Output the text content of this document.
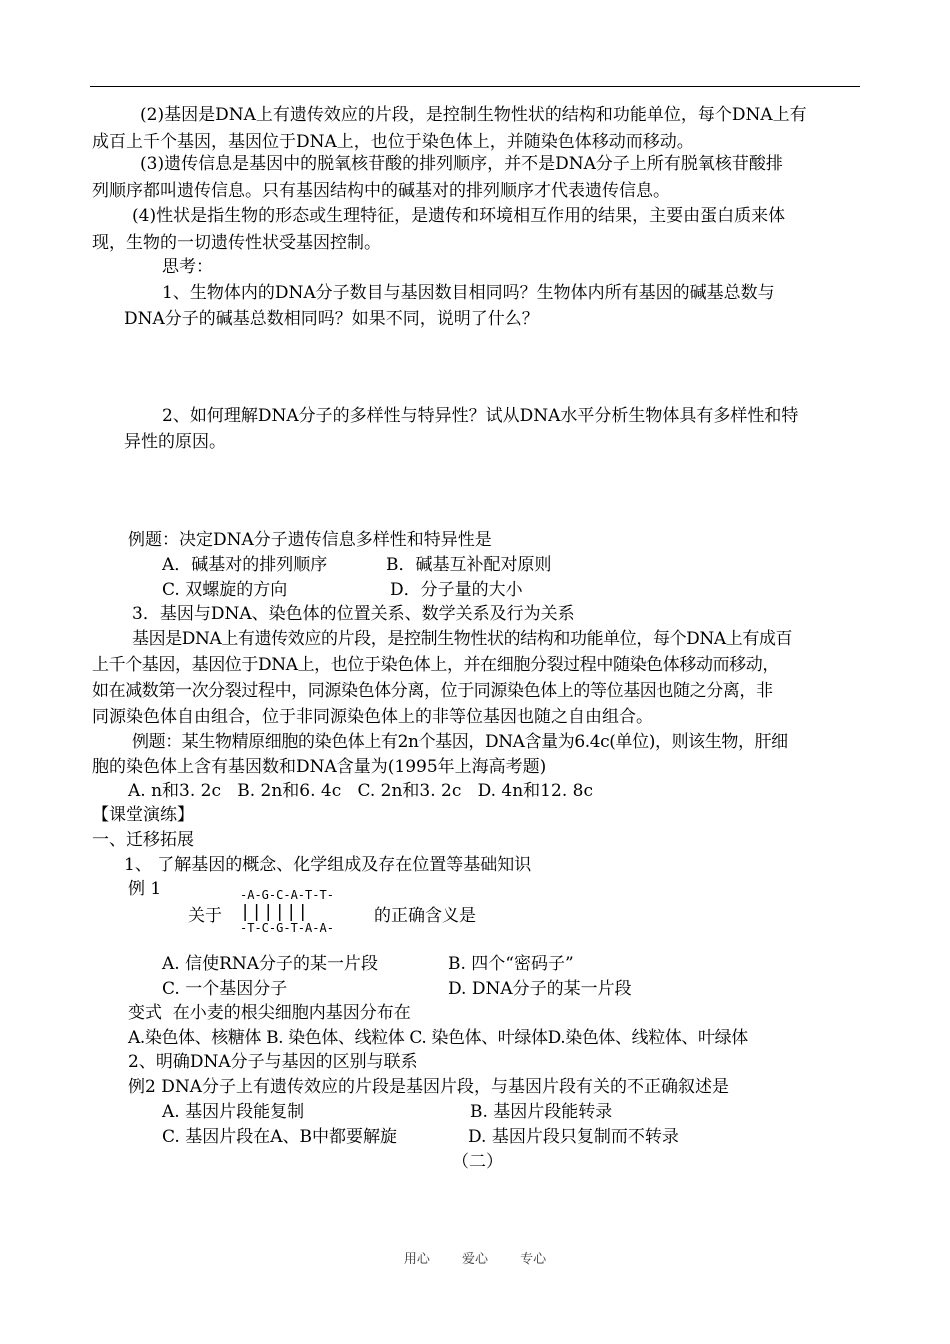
(2)基因是DNA上有遗传效应的片段，是控制生物性状的结构和功能单位，每个DNA上有
成百上千个基因，基因位于DNA上，也位于染色体上，并随染色体移动而移动。
(3)遗传信息是基因中的脱氧核苷酸的排列顺序，并不是DNA分子上所有脱氧核苷酸排
列顺序都叫遗传信息。只有基因结构中的碱基对的排列顺序才代表遗传信息。
(4)性状是指生物的形态或生理特征，是遗传和环境相互作用的结果，主要由蛋白质来体
现，生物的一切遗传性状受基因控制。
思考：
1、生物体内的DNA分子数目与基因数目相同吗？生物体内所有基因的碱基总数与
DNA分子的碱基总数相同吗？如果不同，说明了什么？
2、如何理解DNA分子的多样性与特异性？试从DNA水平分析生物体具有多样性和特
异性的原因。
例题：决定DNA分子遗传信息多样性和特异性是
A．碱基对的排列顺序	B．碱基互补配对原则
C. 双螺旋的方向	D．分子量的大小
3．基因与DNA、染色体的位置关系、数学关系及行为关系
基因是DNA上有遗传效应的片段，是控制生物性状的结构和功能单位，每个DNA上有成百
上千个基因，基因位于DNA上，也位于染色体上，并在细胞分裂过程中随染色体移动而移动，
如在减数第一次分裂过程中，同源染色体分离，位于同源染色体上的等位基因也随之分离，非
同源染色体自由组合，位于非同源染色体上的非等位基因也随之自由组合。
例题：某生物精原细胞的染色体上有2n个基因，DNA含量为6.4c(单位)，则该生物，肝细
胞的染色体上含有基因数和DNA含量为(1995年上海高考题)
A. n和3. 2c   B. 2n和6. 4c   C. 2n和3. 2c   D. 4n和12. 8c
【课堂演练】
一、迁移拓展
1、 了解基因的概念、化学组成及存在位置等基础知识
例 1
关于
-A-G-C-A-T-T-
||||||
-T-C-G-T-A-A-
的正确含义是
A. 信使RNA分子的某一片段	B. 四个“密码子”
C. 一个基因分子	D. DNA分子的某一片段
变式  在小麦的根尖细胞内基因分布在
A.染色体、核糖体 B. 染色体、线粒体 C. 染色体、叶绿体D.染色体、线粒体、叶绿体
2、明确DNA分子与基因的区别与联系
例2 DNA分子上有遗传效应的片段是基因片段，与基因片段有关的不正确叙述是
A. 基因片段能复制	B. 基因片段能转录
C. 基因片段在A、B中都要解旋	D. 基因片段只复制而不转录
（二）
用心 爱心 专心
